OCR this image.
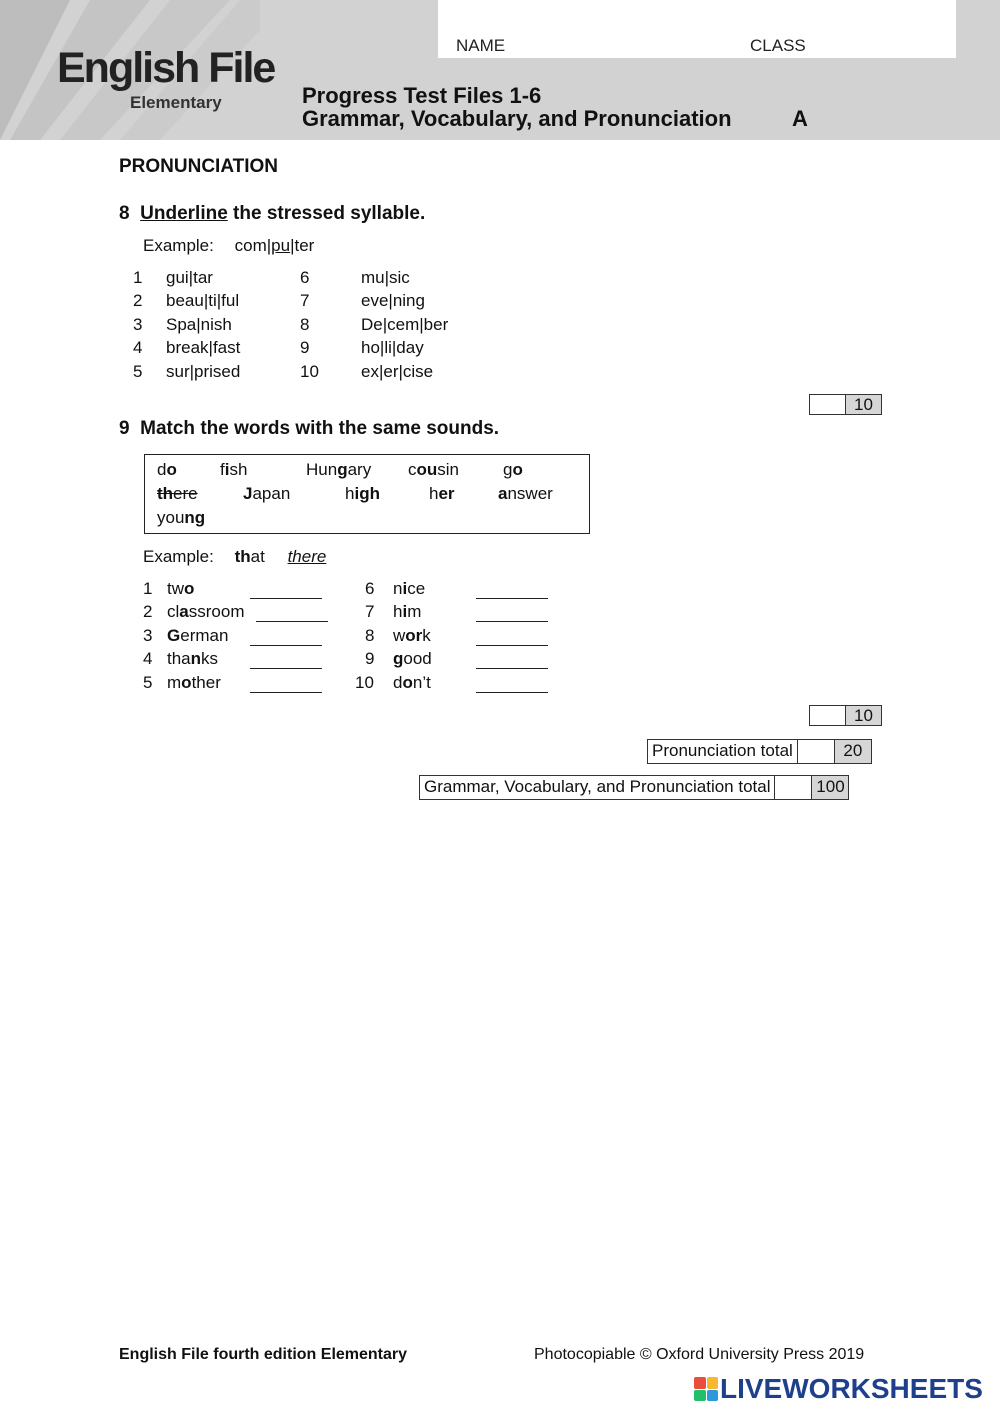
English File
Elementary
NAME	CLASS
Progress Test Files 1-6
Grammar, Vocabulary, and Pronunciation	A
PRONUNCIATION
8 Underline the stressed syllable.
Example: com|pu|ter
1 gui|tar
2 beau|ti|ful
3 Spa|nish
4 break|fast
5 sur|prised
6	mu|sic
7	eve|ning
8	De|cem|ber
9	ho|li|day
10 ex|er|cise
10
9 Match the words with the same sounds.
do	fish	Hungary cousin	go
there	Japan	high	her	answer
young
Example: that there
1 two
2 classroom
3 German
4 thanks
5 mother
6 nice
7 him
8 work
9 good
10 don’t
10
Pronunciation total	20
Grammar, Vocabulary, and Pronunciation total	100
English File fourth edition Elementary	Photocopiable © Oxford University Press 2019
LIVEWORKSHEETS
